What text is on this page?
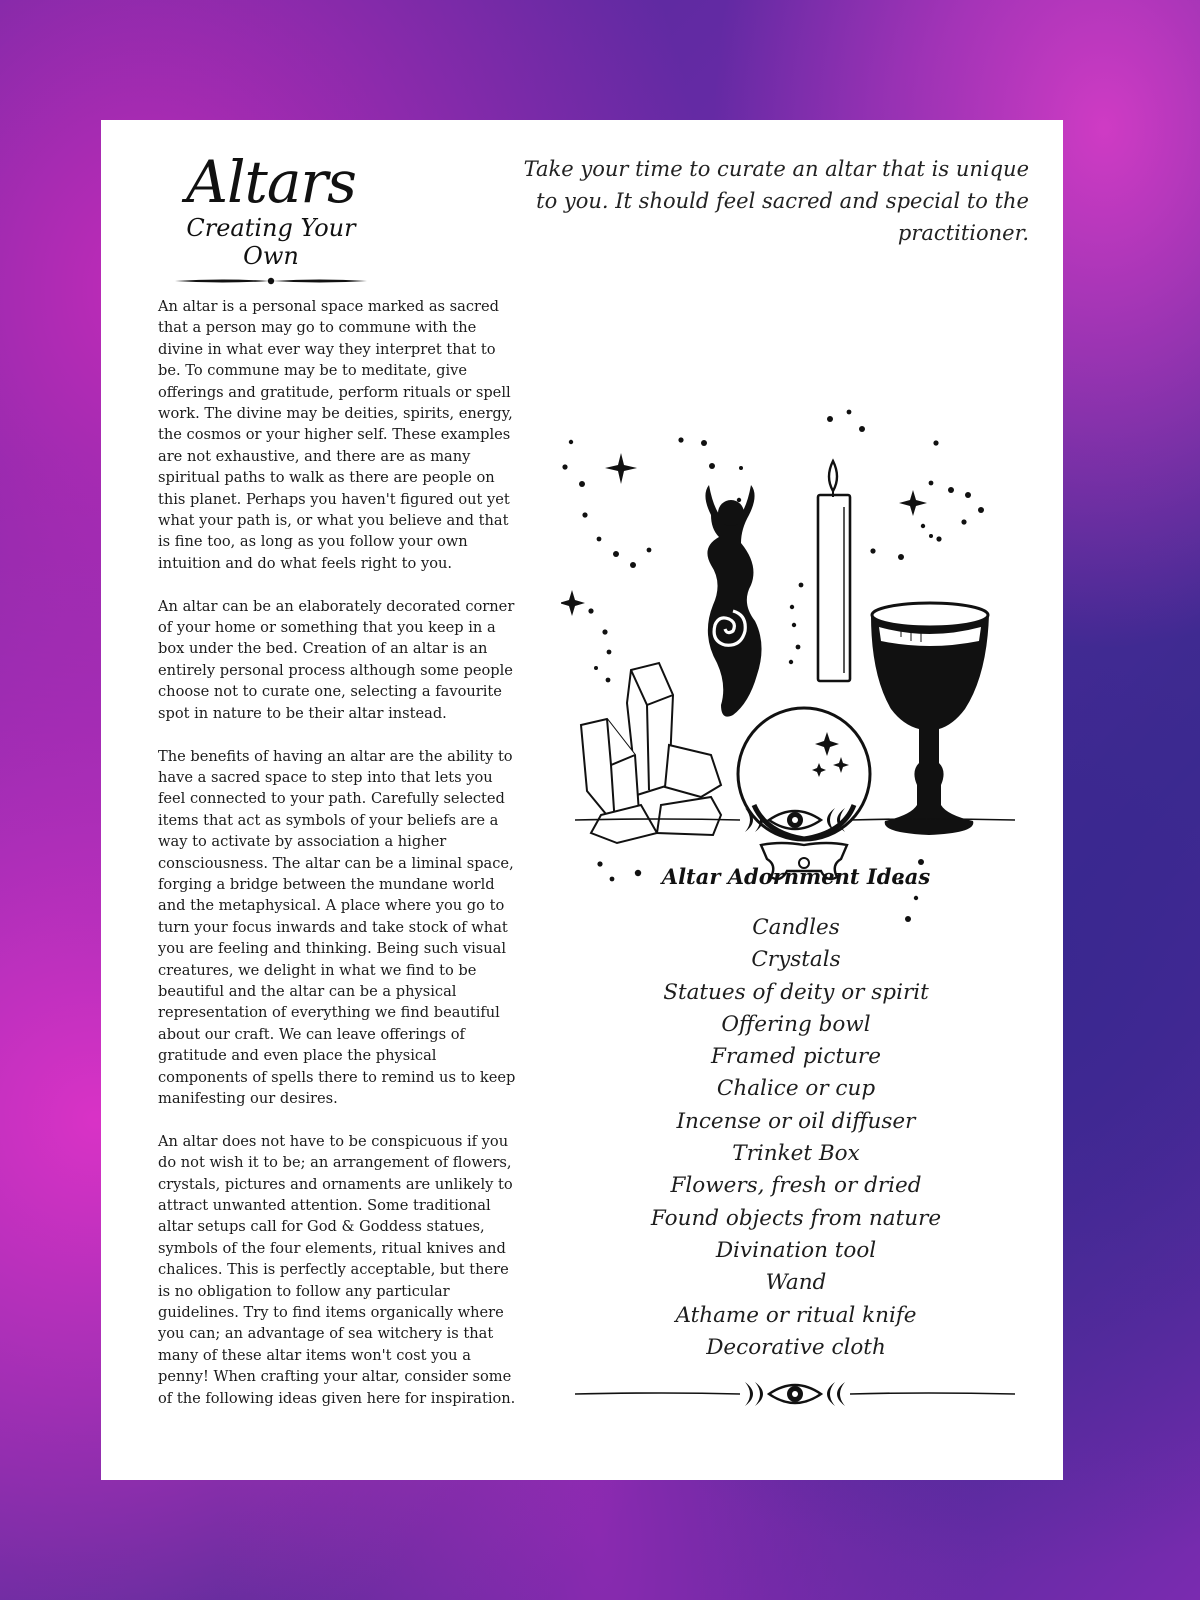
Altars
Creating Your Own
Take your time to curate an altar that is unique to you. It should feel sacred and special to the practitioner.

An altar is a personal space marked as sacred that a person may go to commune with the divine in what ever way they interpret that to be. To commune may be to meditate, give offerings and gratitude, perform rituals or spell work. The divine may be deities, spirits, energy, the cosmos or your higher self. These examples are not exhaustive, and there are as many spiritual paths to walk as there are people on this planet. Perhaps you haven't figured out yet what your path is, or what you believe and that is fine too, as long as you follow your own intuition and do what feels right to you.

An altar can be an elaborately decorated corner of your home or something that you keep in a box under the bed. Creation of an altar is an entirely personal process although some people choose not to curate one, selecting a favourite spot in nature to be their altar instead.

The benefits of having an altar are the ability to have a sacred space to step into that lets you feel connected to your path. Carefully selected items that act as symbols of your beliefs are a way to activate by association a higher consciousness. The altar can be a liminal space, forging a bridge between the mundane world and the metaphysical. A place where you go to turn your focus inwards and take stock of what you are feeling and thinking. Being such visual creatures, we delight in what we find to be beautiful and the altar can be a physical representation of everything we find beautiful about our craft. We can leave offerings of gratitude and even place the physical components of spells there to remind us to keep manifesting our desires.

An altar does not have to be conspicuous if you do not wish it to be; an arrangement of flowers, crystals, pictures and ornaments are unlikely to attract unwanted attention. Some traditional altar setups call for God & Goddess statues, symbols of the four elements, ritual knives and chalices. This is perfectly acceptable, but there is no obligation to follow any particular guidelines. Try to find items organically where you can; an advantage of sea witchery is that many of these altar items won't cost you a penny! When crafting your altar, consider some of the following ideas given here for inspiration.

Altar Adornment Ideas
Candles
Crystals
Statues of deity or spirit
Offering bowl
Framed picture
Chalice or cup
Incense or oil diffuser
Trinket Box
Flowers, fresh or dried
Found objects from nature
Divination tool
Wand
Athame or ritual knife
Decorative cloth
